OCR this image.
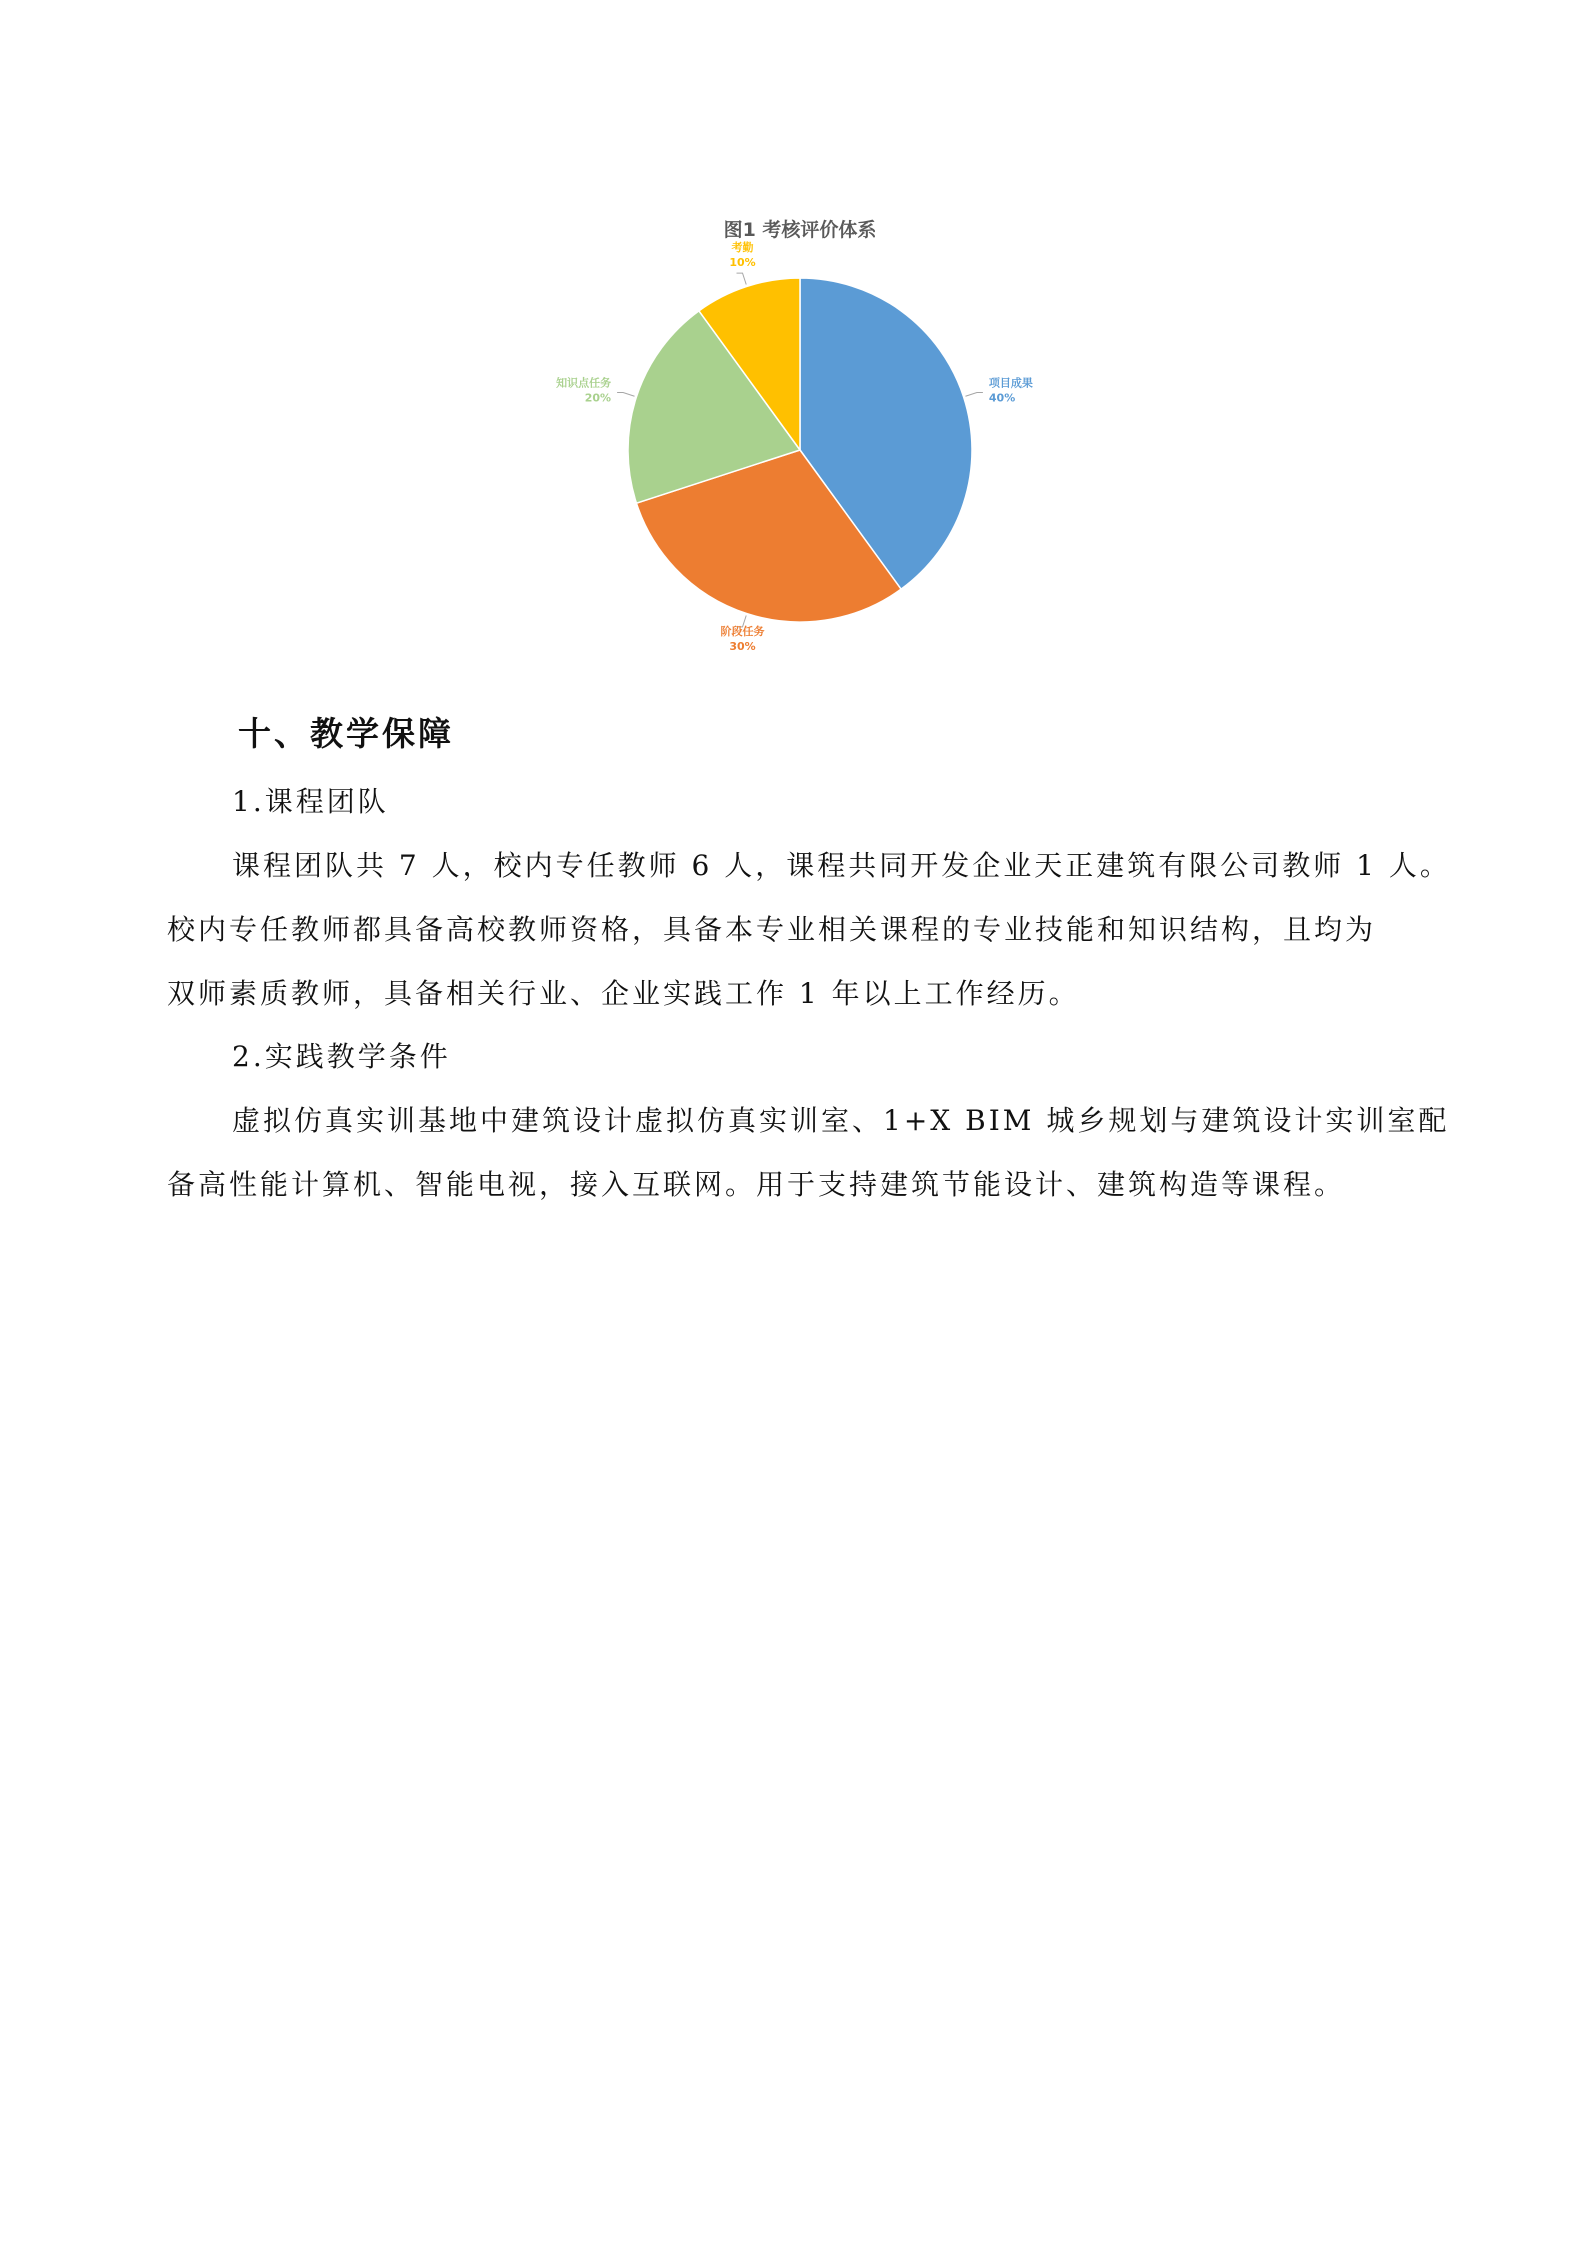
图1 考核评价体系
项目成果
40%
阶段任务
30%
知识点任务
20%
考勤
10%
十、教学保障
1.课程团队
课程团队共 7 人，校内专任教师 6 人，课程共同开发企业天正建筑有限公司教师 1 人。
校内专任教师都具备高校教师资格，具备本专业相关课程的专业技能和知识结构，且均为
双师素质教师，具备相关行业、企业实践工作 1 年以上工作经历。
2.实践教学条件
虚拟仿真实训基地中建筑设计虚拟仿真实训室、1+X BIM 城乡规划与建筑设计实训室配
备高性能计算机、智能电视，接入互联网。用于支持建筑节能设计、建筑构造等课程。
